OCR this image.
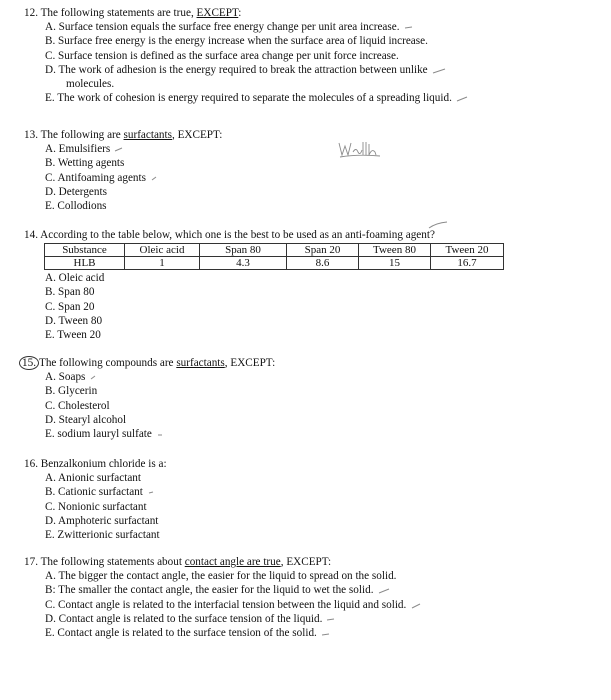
12. The following statements are true, EXCEPT:
A. Surface tension equals the surface free energy change per unit area increase.
B. Surface free energy is the energy increase when the surface area of liquid increase.
C. Surface tension is defined as the surface area change per unit force increase.
D. The work of adhesion is the energy required to break the attraction between unlike
molecules.
E. The work of cohesion is energy required to separate the molecules of a spreading liquid.
13. The following are surfactants, EXCEPT:
A. Emulsifiers
B. Wetting agents
C. Antifoaming agents
D. Detergents
E. Collodions
14. According to the table below, which one is the best to be used as an anti-foaming agent?
Substance	Oleic acid	Span 80	Span 20	Tween 80	Tween 20
HLB	1	4.3	8.6	15	16.7
A. Oleic acid
B. Span 80
C. Span 20
D. Tween 80
E. Tween 20
15. The following compounds are surfactants, EXCEPT:
A. Soaps
B. Glycerin
C. Cholesterol
D. Stearyl alcohol
E. sodium lauryl sulfate
16. Benzalkonium chloride is a:
A. Anionic surfactant
B. Cationic surfactant
C. Nonionic surfactant
D. Amphoteric surfactant
E. Zwitterionic surfactant
17. The following statements about contact angle are true, EXCEPT:
A. The bigger the contact angle, the easier for the liquid to spread on the solid.
B: The smaller the contact angle, the easier for the liquid to wet the solid.
C. Contact angle is related to the interfacial tension between the liquid and solid.
D. Contact angle is related to the surface tension of the liquid.
E. Contact angle is related to the surface tension of the solid.
